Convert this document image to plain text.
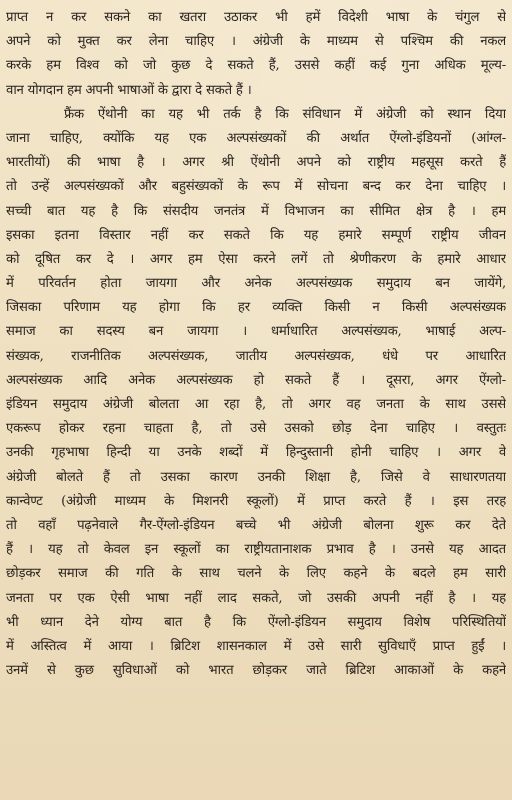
प्राप्त न कर सकने का खतरा उठाकर भी हमें विदेशी भाषा के चंगुल से
अपने को मुक्त कर लेना चाहिए । अंग्रेजी के माध्यम से पश्चिम की नकल
करके हम विश्व को जो कुछ दे सकते हैं, उससे कहीं कई गुना अधिक मूल्य-
वान योगदान हम अपनी भाषाओं के द्वारा दे सकते हैं ।
फ्रैंक ऐंथोनी का यह भी तर्क है कि संविधान में अंग्रेजी को स्थान दिया
जाना चाहिए, क्योंकि यह एक अल्पसंख्यकों की अर्थात ऐंग्लो-इंडियनों (आंग्ल-
भारतीयों) की भाषा है । अगर श्री ऐंथोनी अपने को राष्ट्रीय महसूस करते हैं
तो उन्हें अल्पसंख्यकों और बहुसंख्यकों के रूप में सोचना बन्द कर देना चाहिए ।
सच्ची बात यह है कि संसदीय जनतंत्र में विभाजन का सीमित क्षेत्र है । हम
इसका इतना विस्तार नहीं कर सकते कि यह हमारे सम्पूर्ण राष्ट्रीय जीवन
को दूषित कर दे । अगर हम ऐसा करने लगें तो श्रेणीकरण के हमारे आधार
में परिवर्तन होता जायगा और अनेक अल्पसंख्यक समुदाय बन जायेंगे,
जिसका परिणाम यह होगा कि हर व्यक्ति किसी न किसी अल्पसंख्यक
समाज का सदस्य बन जायगा । धर्माधारित अल्पसंख्यक, भाषाई अल्प-
संख्यक, राजनीतिक अल्पसंख्यक, जातीय अल्पसंख्यक, धंधे पर आधारित
अल्पसंख्यक आदि अनेक अल्पसंख्यक हो सकते हैं । दूसरा, अगर ऐंग्लो-
इंडियन समुदाय अंग्रेजी बोलता आ रहा है, तो अगर वह जनता के साथ उससे
एकरूप होकर रहना चाहता है, तो उसे उसको छोड़ देना चाहिए । वस्तुतः
उनकी गृहभाषा हिन्दी या उनके शब्दों में हिन्दुस्तानी होनी चाहिए । अगर वे
अंग्रेजी बोलते हैं तो उसका कारण उनकी शिक्षा है, जिसे वे साधारणतया
कान्वेण्ट (अंग्रेजी माध्यम के मिशनरी स्कूलों) में प्राप्त करते हैं । इस तरह
तो वहाँ पढ़नेवाले गैर-ऐंग्लो-इंडियन बच्चे भी अंग्रेजी बोलना शुरू कर देते
हैं । यह तो केवल इन स्कूलों का राष्ट्रीयतानाशक प्रभाव है । उनसे यह आदत
छोड़कर समाज की गति के साथ चलने के लिए कहने के बदले हम सारी
जनता पर एक ऐसी भाषा नहीं लाद सकते, जो उसकी अपनी नहीं है । यह
भी ध्यान देने योग्य बात है कि ऐंग्लो-इंडियन समुदाय विशेष परिस्थितियों
में अस्तित्व में आया । ब्रिटिश शासनकाल में उसे सारी सुविधाएँ प्राप्त हुईं ।
उनमें से कुछ सुविधाओं को भारत छोड़कर जाते ब्रिटिश आकाओं के कहने
